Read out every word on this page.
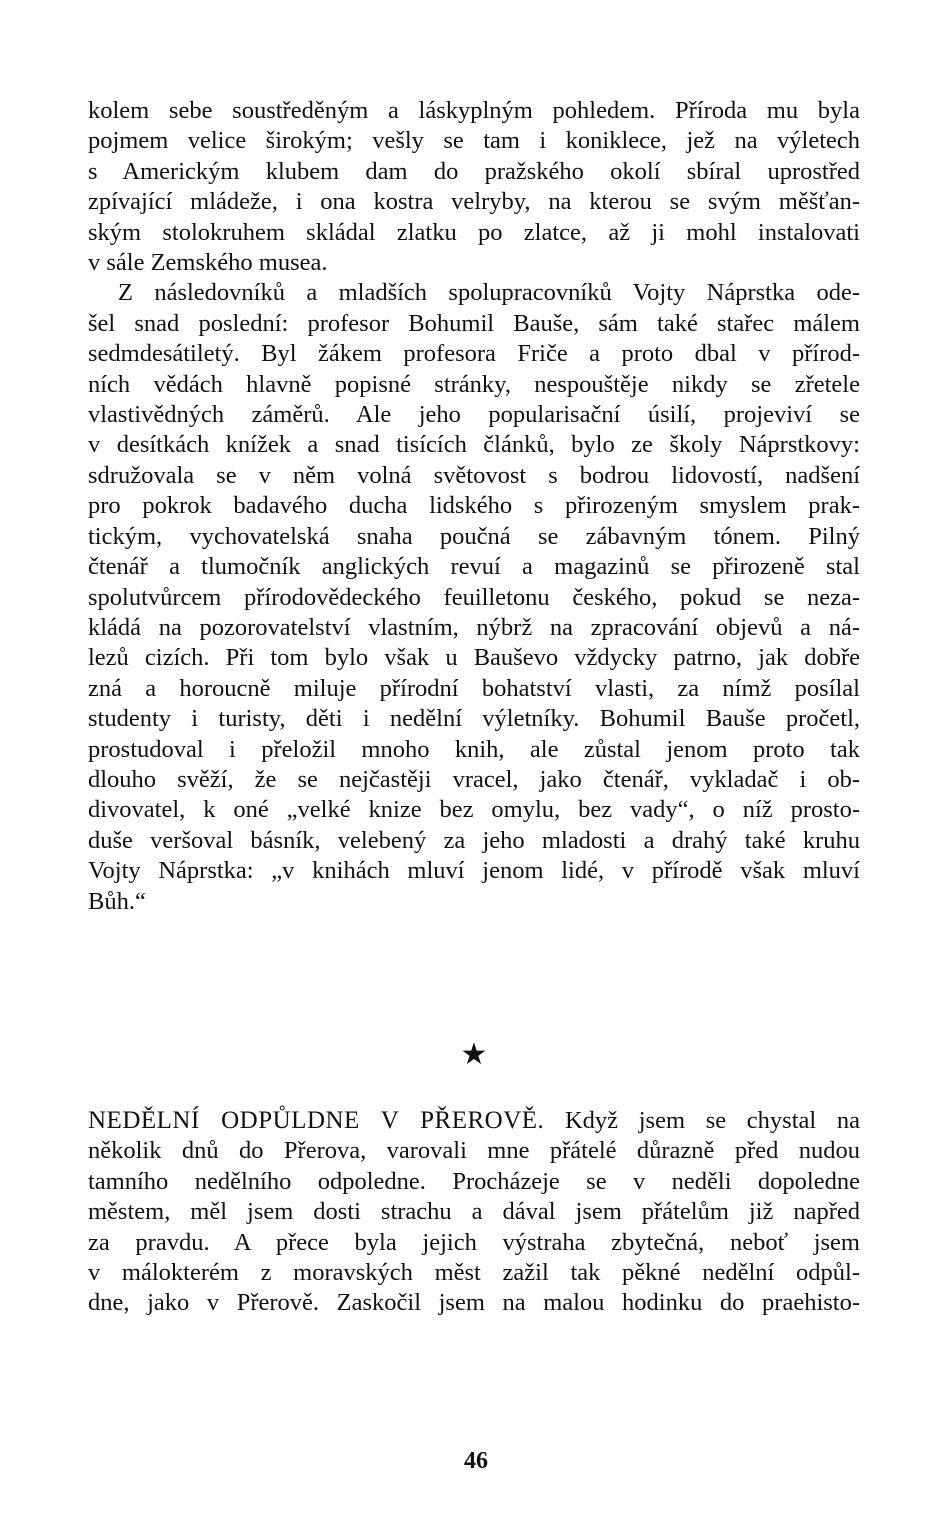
kolem sebe soustředěným a láskyplným pohledem. Příroda mu byla
pojmem velice širokým; vešly se tam i koniklece, jež na výletech
s Americkým klubem dam do pražského okolí sbíral uprostřed
zpívající mládeže, i ona kostra velryby, na kterou se svým měšťan-
ským stolokruhem skládal zlatku po zlatce, až ji mohl instalovati
v sále Zemského musea.

Z následovníků a mladších spolupracovníků Vojty Náprstka ode-
šel snad poslední: profesor Bohumil Bauše, sám také stařec málem
sedmdesátiletý. Byl žákem profesora Friče a proto dbal v přírod-
ních vědách hlavně popisné stránky, nespouštěje nikdy se zřetele
vlastivědných záměrů. Ale jeho popularisační úsilí, projeviví se
v desítkách knížek a snad tisících článků, bylo ze školy Náprstkovy:
sdružovala se v něm volná světovost s bodrou lidovostí, nadšení
pro pokrok badavého ducha lidského s přirozeným smyslem prak-
tickým, vychovatelská snaha poučná se zábavným tónem. Pilný
čtenář a tlumočník anglických revuí a magazinů se přirozeně stal
spolutvůrcem přírodovědeckého feuilletonu českého, pokud se neza-
kládá na pozorovatelství vlastním, nýbrž na zpracování objevů a ná-
lezů cizích. Při tom bylo však u Bauševo vždycky patrno, jak dobře
zná a horoucně miluje přírodní bohatství vlasti, za nímž posílal
studenty i turisty, děti i nedělní výletníky. Bohumil Bauše pročetl,
prostudoval i přeložil mnoho knih, ale zůstal jenom proto tak
dlouho svěží, že se nejčastěji vracel, jako čtenář, vykladač i ob-
divovatel, k oné „velké knize bez omylu, bez vady“, o níž prosto-
duše veršoval básník, velebený za jeho mladosti a drahý také kruhu
Vojty Náprstka: „v knihách mluví jenom lidé, v přírodě však mluví
Bůh.“

★

NEDĚLNÍ ODPŮLDNE V PŘEROVĚ. Když jsem se chystal na
několik dnů do Přerova, varovali mne přátelé důrazně před nudou
tamního nedělního odpoledne. Procházeje se v neděli dopoledne
městem, měl jsem dosti strachu a dával jsem přátelům již napřed
za pravdu. A přece byla jejich výstraha zbytečná, neboť jsem
v málokterém z moravských měst zažil tak pěkné nedělní odpůl-
dne, jako v Přerově. Zaskočil jsem na malou hodinku do praehisto-

46
